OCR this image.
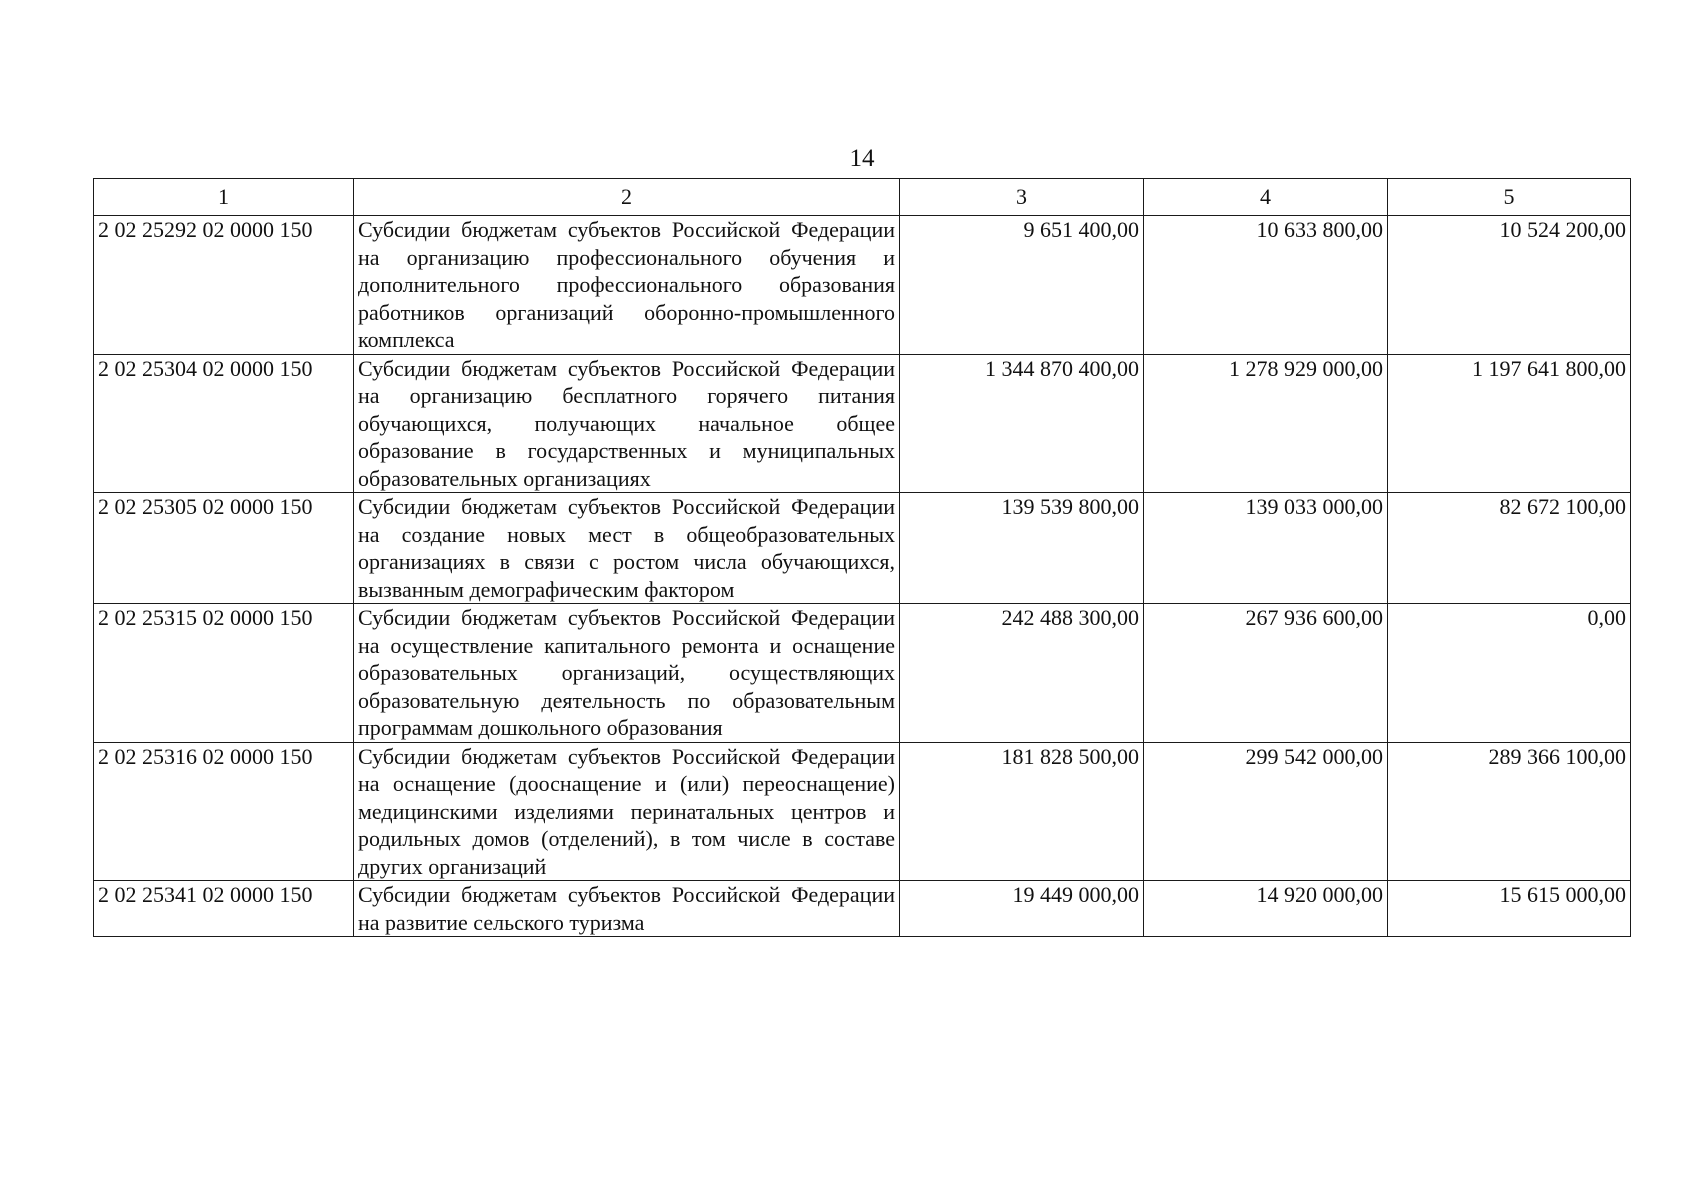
14
1	2	3	4	5
2 02 25292 02 0000 150	Субсидии бюджетам субъектов Российской Федерации на организацию профессионального обучения и дополнительного профессионального образования работников организаций оборонно-промышленного комплекса	9 651 400,00	10 633 800,00	10 524 200,00
2 02 25304 02 0000 150	Субсидии бюджетам субъектов Российской Федерации на организацию бесплатного горячего питания обучающихся, получающих начальное общее образование в государственных и муниципальных образовательных организациях	1 344 870 400,00	1 278 929 000,00	1 197 641 800,00
2 02 25305 02 0000 150	Субсидии бюджетам субъектов Российской Федерации на создание новых мест в общеобразовательных организациях в связи с ростом числа обучающихся, вызванным демографическим фактором	139 539 800,00	139 033 000,00	82 672 100,00
2 02 25315 02 0000 150	Субсидии бюджетам субъектов Российской Федерации на осуществление капитального ремонта и оснащение образовательных организаций, осуществляющих образовательную деятельность по образовательным программам дошкольного образования	242 488 300,00	267 936 600,00	0,00
2 02 25316 02 0000 150	Субсидии бюджетам субъектов Российской Федерации на оснащение (дооснащение и (или) переоснащение) медицинскими изделиями перинатальных центров и родильных домов (отделений), в том числе в составе других организаций	181 828 500,00	299 542 000,00	289 366 100,00
2 02 25341 02 0000 150	Субсидии бюджетам субъектов Российской Федерации на развитие сельского туризма	19 449 000,00	14 920 000,00	15 615 000,00
